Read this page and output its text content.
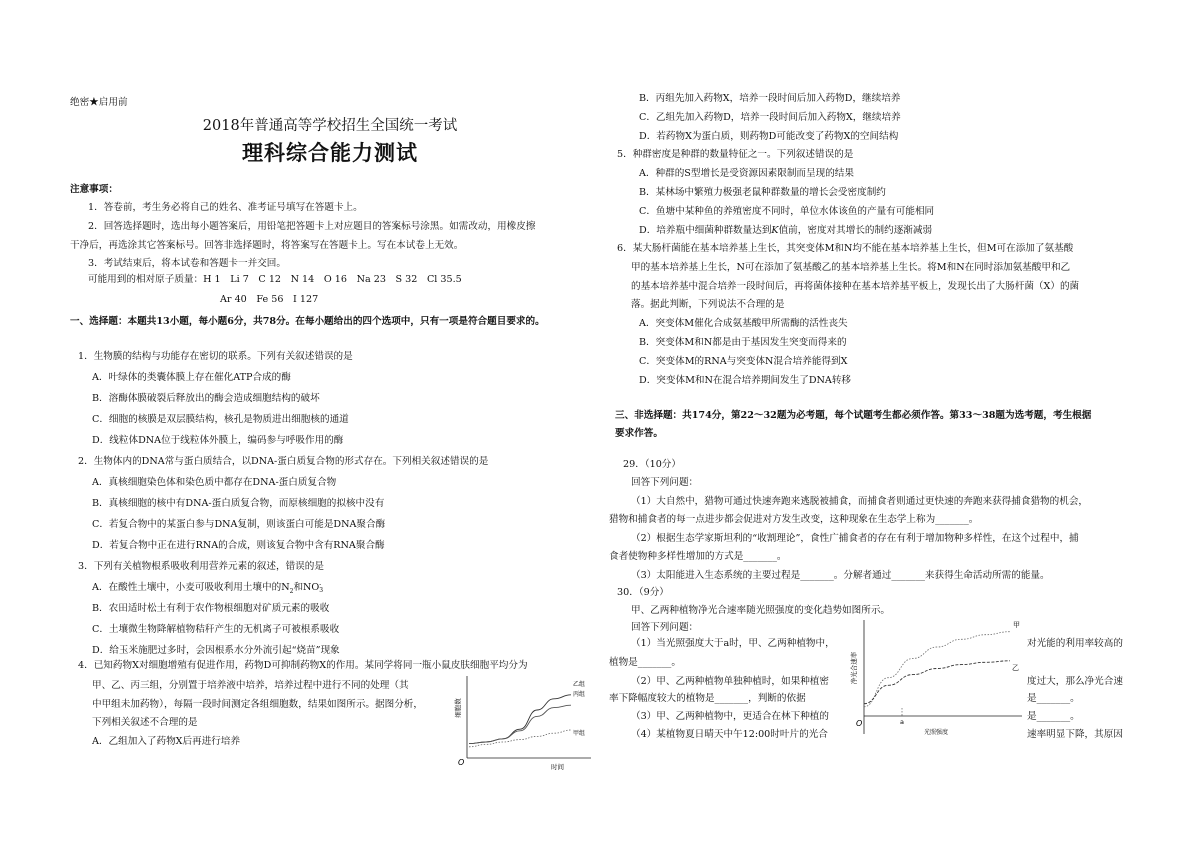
绝密★启用前
2018年普通高等学校招生全国统一考试
理科综合能力测试
注意事项：
1．答卷前，考生务必将自己的姓名、准考证号填写在答题卡上。
2．回答选择题时，选出每小题答案后，用铅笔把答题卡上对应题目的答案标号涂黑。如需改动，用橡皮擦
干净后，再选涂其它答案标号。回答非选择题时，将答案写在答题卡上。写在本试卷上无效。
3．考试结束后，将本试卷和答题卡一并交回。
可能用到的相对原子质量：H 1　Li 7　C 12　N 14　O 16　Na 23　S 32　Cl 35.5
Ar 40　Fe 56　I 127
一、选择题：本题共13小题，每小题6分，共78分。在每小题给出的四个选项中，只有一项是符合题目要求的。
1．生物膜的结构与功能存在密切的联系。下列有关叙述错误的是
A．叶绿体的类囊体膜上存在催化ATP合成的酶
B．溶酶体膜破裂后释放出的酶会造成细胞结构的破坏
C．细胞的核膜是双层膜结构，核孔是物质进出细胞核的通道
D．线粒体DNA位于线粒体外膜上，编码参与呼吸作用的酶
2．生物体内的DNA常与蛋白质结合，以DNA-蛋白质复合物的形式存在。下列相关叙述错误的是
A．真核细胞染色体和染色质中都存在DNA-蛋白质复合物
B．真核细胞的核中有DNA-蛋白质复合物，而原核细胞的拟核中没有
C．若复合物中的某蛋白参与DNA复制，则该蛋白可能是DNA聚合酶
D．若复合物中正在进行RNA的合成，则该复合物中含有RNA聚合酶
3．下列有关植物根系吸收利用营养元素的叙述，错误的是
A．在酸性土壤中，小麦可吸收利用土壤中的$N_2$和NO -
3
B．农田适时松土有利于农作物根细胞对矿质元素的吸收
C．土壤微生物降解植物秸秆产生的无机离子可被根系吸收
D．给玉米施肥过多时，会因根系水分外流引起“烧苗”现象
4．已知药物X对细胞增殖有促进作用，药物D可抑制药物X的作用。某同学将同一瓶小鼠皮肤细胞平均分为
甲、乙、丙三组，分别置于培养液中培养，培养过程中进行不同的处理（其
中甲组未加药物），每隔一段时间测定各组细胞数，结果如图所示。据图分析，
下列相关叙述不合理的是
A．乙组加入了药物X后再进行培养
O	时间
细胞数
乙组
丙组
甲组
B．丙组先加入药物X，培养一段时间后加入药物D，继续培养
C．乙组先加入药物D，培养一段时间后加入药物X，继续培养
D．若药物X为蛋白质，则药物D可能改变了药物X的空间结构
5．种群密度是种群的数量特征之一。下列叙述错误的是
A．种群的S型增长是受资源因素限制而呈现的结果
B．某林场中繁殖力极强老鼠种群数量的增长会受密度制约
C．鱼塘中某种鱼的养殖密度不同时，单位水体该鱼的产量有可能相同
D．培养瓶中细菌种群数量达到K值前，密度对其增长的制约逐渐减弱
6．某大肠杆菌能在基本培养基上生长，其突变体M和N均不能在基本培养基上生长，但M可在添加了氨基酸
甲的基本培养基上生长，N可在添加了氨基酸乙的基本培养基上生长。将M和N在同时添加氨基酸甲和乙
的基本培养基中混合培养一段时间后，再将菌体接种在基本培养基平板上，发现长出了大肠杆菌（X）的菌
落。据此判断，下列说法不合理的是
A．突变体M催化合成氨基酸甲所需酶的活性丧失
B．突变体M和N都是由于基因发生突变而得来的
C．突变体M的RNA与突变体N混合培养能得到X
D．突变体M和N在混合培养期间发生了DNA转移
三、非选择题：共174分，第22～32题为必考题，每个试题考生都必须作答。第33～38题为选考题，考生根据
要求作答。
29．（10分）
回答下列问题：
（1）大自然中，猎物可通过快速奔跑来逃脱被捕食，而捕食者则通过更快速的奔跑来获得捕食猎物的机会，
猎物和捕食者的每一点进步都会促进对方发生改变，这种现象在生态学上称为_______。
（2）根据生态学家斯坦利的“收割理论”，食性广捕食者的存在有利于增加物种多样性，在这个过程中，捕
食者使物种多样性增加的方式是_______。
（3）太阳能进入生态系统的主要过程是_______。分解者通过_______来获得生命活动所需的能量。
30．（9分）
甲、乙两种植物净光合速率随光照强度的变化趋势如图所示。
回答下列问题：
（1）当光照强度大于a时，甲、乙两种植物中，	对光能的利用率较高的
植物是_______。
（2）甲、乙两种植物单独种植时，如果种植密	度过大，那么净光合速
率下降幅度较大的植物是_______，判断的依据	是_______。
（3）甲、乙两种植物中，更适合在林下种植的	是_______。
（4）某植物夏日晴天中午12:00时叶片的光合	速率明显下降，其原因
a
O
光照强度
净光合速率
甲
乙
